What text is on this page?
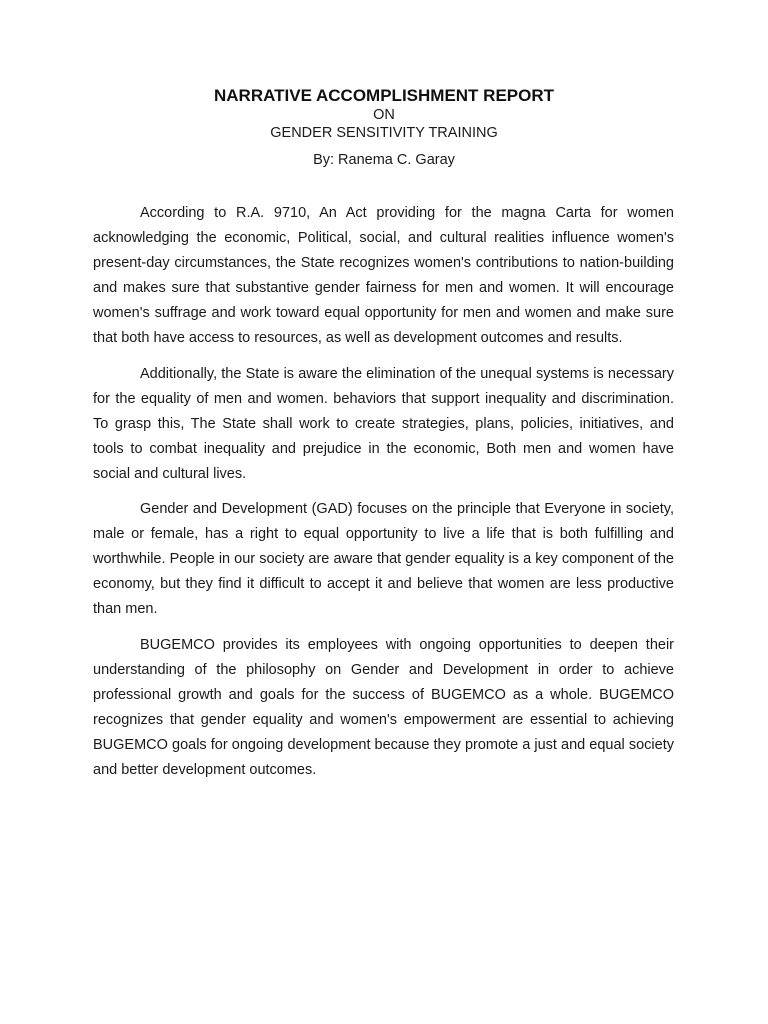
NARRATIVE ACCOMPLISHMENT REPORT

ON

GENDER SENSITIVITY TRAINING

By: Ranema C. Garay

According to R.A. 9710, An Act providing for the magna Carta for women acknowledging the economic, Political, social, and cultural realities influence women's present-day circumstances, the State recognizes women's contributions to nation-building and makes sure that substantive gender fairness for men and women. It will encourage women's suffrage and work toward equal opportunity for men and women and make sure that both have access to resources, as well as development outcomes and results.

Additionally, the State is aware the elimination of the unequal systems is necessary for the equality of men and women. behaviors that support inequality and discrimination. To grasp this, The State shall work to create strategies, plans, policies, initiatives, and tools to combat inequality and prejudice in the economic, Both men and women have social and cultural lives.

Gender and Development (GAD) focuses on the principle that Everyone in society, male or female, has a right to equal opportunity to live a life that is both fulfilling and worthwhile. People in our society are aware that gender equality is a key component of the economy, but they find it difficult to accept it and believe that women are less productive than men.

BUGEMCO provides its employees with ongoing opportunities to deepen their understanding of the philosophy on Gender and Development in order to achieve professional growth and goals for the success of BUGEMCO as a whole. BUGEMCO recognizes that gender equality and women's empowerment are essential to achieving BUGEMCO goals for ongoing development because they promote a just and equal society and better development outcomes.
